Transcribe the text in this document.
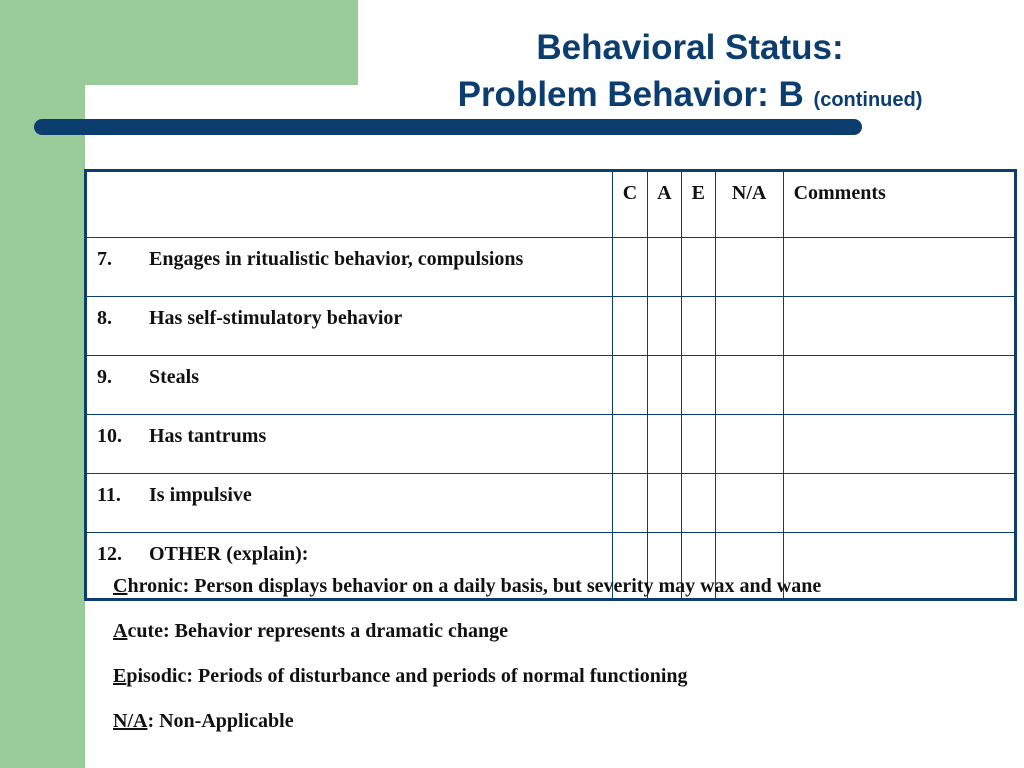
Behavioral Status:
Problem Behavior: B (continued)
	C	A	E	N/A	Comments
7. Engages in ritualistic behavior, compulsions					
8. Has self-stimulatory behavior					
9. Steals					
10. Has tantrums					
11. Is impulsive					
12. OTHER (explain):					

Chronic: Person displays behavior on a daily basis, but severity may wax and wane

Acute: Behavior represents a dramatic change

Episodic: Periods of disturbance and periods of normal functioning

N/A: Non-Applicable
